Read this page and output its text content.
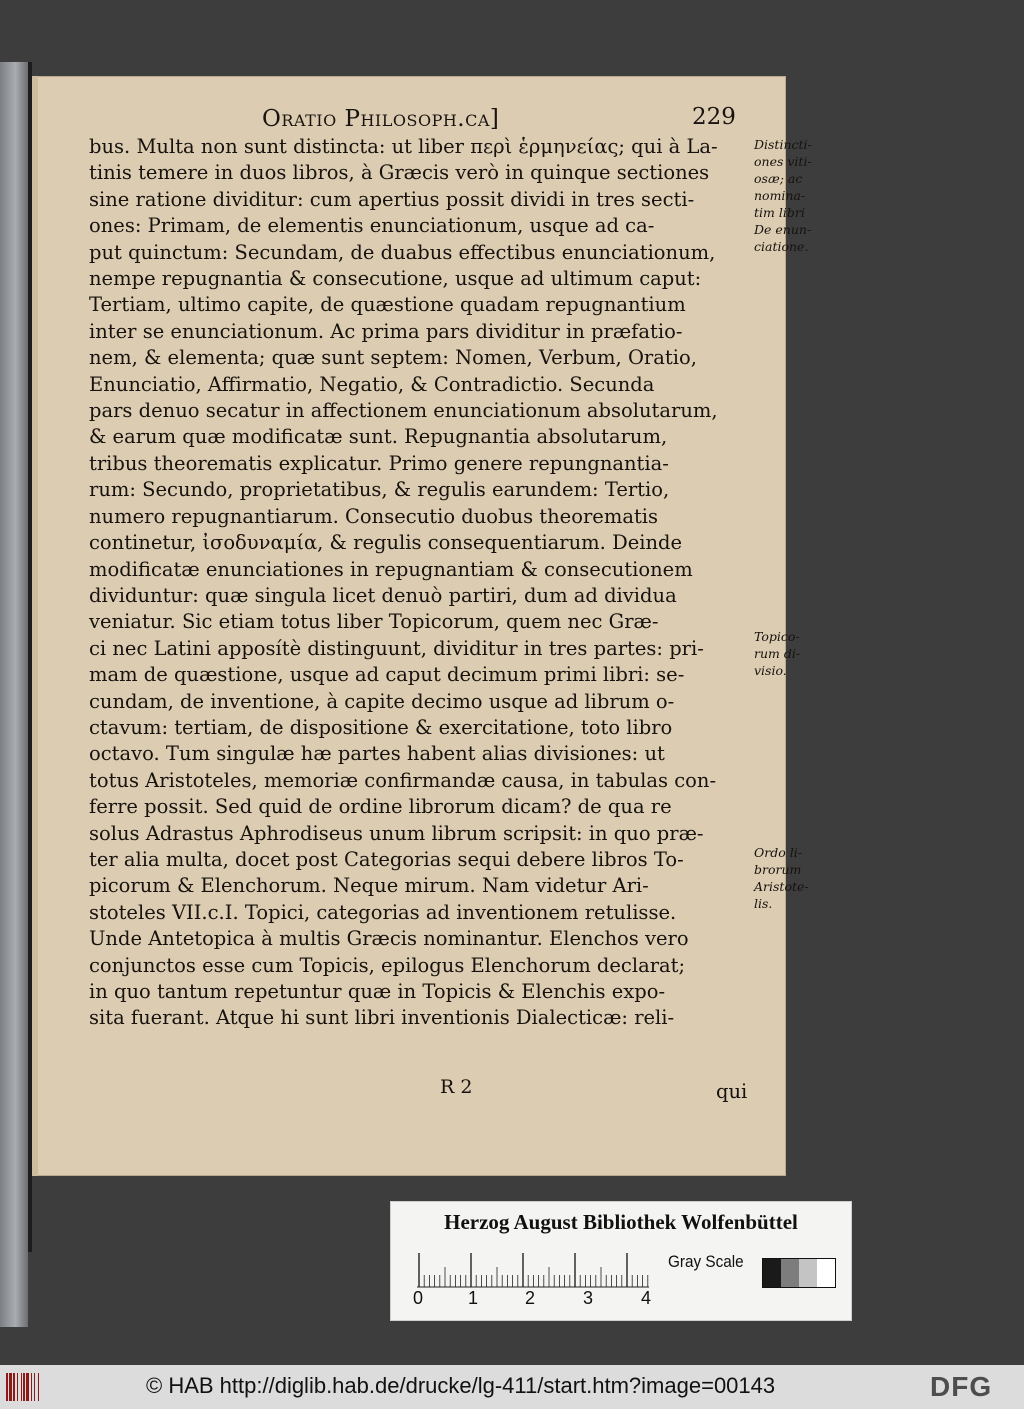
Oratio Philosoph.ca]	229
bus. Multa non sunt distincta: ut liber περὶ ἑρμηνείας; qui à La-
tinis temere in duos libros, à Græcis verò in quinque sectiones
sine ratione dividitur: cum apertius possit dividi in tres secti-
ones: Primam, de elementis enunciationum, usque ad ca-
put quinctum: Secundam, de duabus effectibus enunciationum,
nempe repugnantia & consecutione, usque ad ultimum caput:
Tertiam, ultimo capite, de quæstione quadam repugnantium
inter se enunciationum. Ac prima pars dividitur in præfatio-
nem, & elementa; quæ sunt septem: Nomen, Verbum, Oratio,
Enunciatio, Affirmatio, Negatio, & Contradictio. Secunda
pars denuo secatur in affectionem enunciationum absolutarum,
& earum quæ modificatæ sunt. Repugnantia absolutarum,
tribus theorematis explicatur. Primo genere repungnantia-
rum: Secundo, proprietatibus, & regulis earundem: Tertio,
numero repugnantiarum. Consecutio duobus theorematis
continetur, ἰσοδυναμία, & regulis consequentiarum. Deinde
modificatæ enunciationes in repugnantiam & consecutionem
dividuntur: quæ singula licet denuò partiri, dum ad dividua
veniatur. Sic etiam totus liber Topicorum, quem nec Græ-
ci nec Latini apposítè distinguunt, dividitur in tres partes: pri-
mam de quæstione, usque ad caput decimum primi libri: se-
cundam, de inventione, à capite decimo usque ad librum o-
ctavum: tertiam, de dispositione & exercitatione, toto libro
octavo. Tum singulæ hæ partes habent alias divisiones: ut
totus Aristoteles, memoriæ confirmandæ causa, in tabulas con-
ferre possit. Sed quid de ordine librorum dicam? de qua re
solus Adrastus Aphrodiseus unum librum scripsit: in quo præ-
ter alia multa, docet post Categorias sequi debere libros To-
picorum & Elenchorum. Neque mirum. Nam videtur Ari-
stoteles VII.c.I. Topici, categorias ad inventionem retulisse.
Unde Antetopica à multis Græcis nominantur. Elenchos vero
conjunctos esse cum Topicis, epilogus Elenchorum declarat;
in quo tantum repetuntur quæ in Topicis & Elenchis expo-
sita fuerant. Atque hi sunt libri inventionis Dialecticæ: reli-
Distincti-
ones viti-
osæ; ac
nomina-
tim libri
De enun-
ciatione.
Topico-
rum di-
visio.
Ordo li-
brorum
Aristote-
lis.
R 2	qui
Herzog August Bibliothek Wolfenbüttel
0 1	2	3	4
Gray Scale
© HAB http://diglib.hab.de/drucke/lg-411/start.htm?image=00143	DFG
